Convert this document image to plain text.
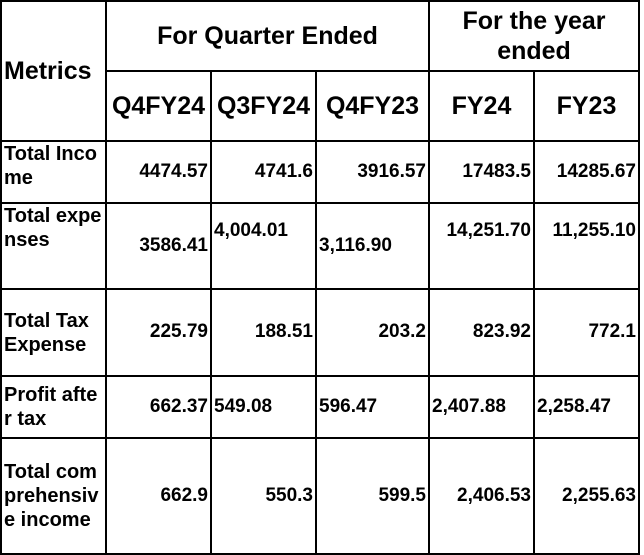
Metrics	For Quarter Ended			For the year ended	
	Q4FY24	Q3FY24	Q4FY23	FY24	FY23
Total Income	4474.57	4741.6	3916.57	17483.5	14285.67
Total expenses	3586.41	4,004.01	3,116.90	14,251.70	11,255.10
Total Tax Expense	225.79	188.51	203.2	823.92	772.1
Profit after tax	662.37	549.08	596.47	2,407.88	2,258.47
Total comprehensive income	662.9	550.3	599.5	2,406.53	2,255.63
